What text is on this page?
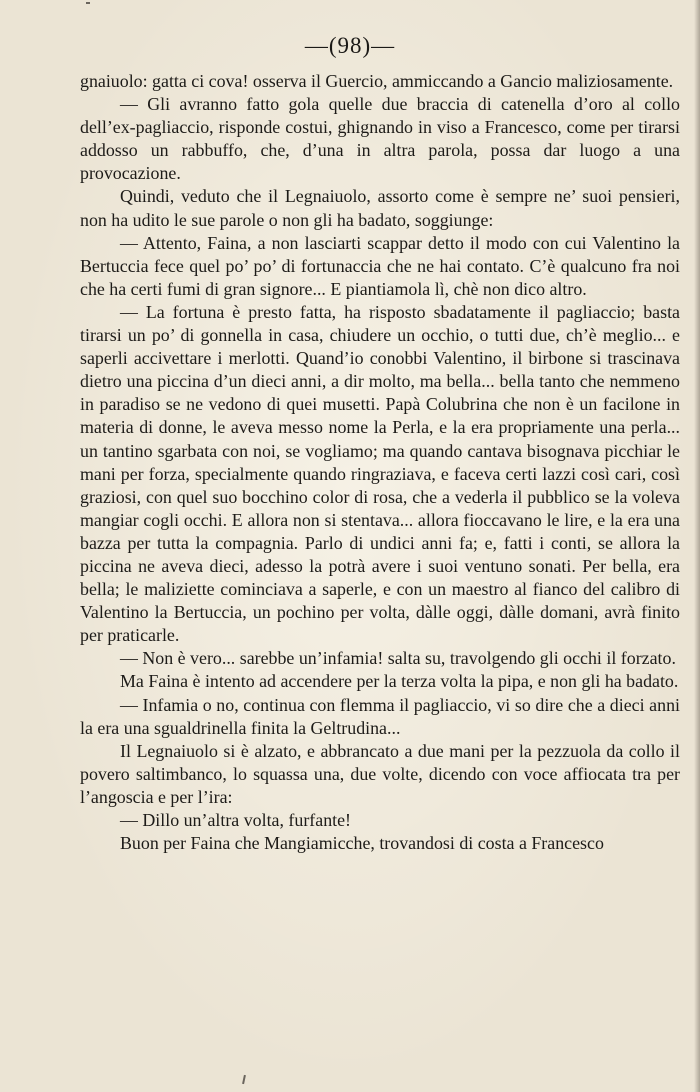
—(98)—

gnaiuolo: gatta ci cova! osserva il Guercio, ammiccando a Gancio maliziosamente.

— Gli avranno fatto gola quelle due braccia di catenella d’oro al collo dell’ex-pagliaccio, risponde costui, ghignando in viso a Francesco, come per tirarsi addosso un rabbuffo, che, d’una in altra parola, possa dar luogo a una provocazione.

Quindi, veduto che il Legnaiuolo, assorto come è sempre ne’ suoi pensieri, non ha udito le sue parole o non gli ha badato, soggiunge:

— Attento, Faina, a non lasciarti scappar detto il modo con cui Valentino la Bertuccia fece quel po’ po’ di fortunaccia che ne hai contato. C’è qualcuno fra noi che ha certi fumi di gran signore... E piantiamola lì, chè non dico altro.

— La fortuna è presto fatta, ha risposto sbadatamente il pagliaccio; basta tirarsi un po’ di gonnella in casa, chiudere un occhio, o tutti due, ch’è meglio... e saperli accivettare i merlotti. Quand’io conobbi Valentino, il birbone si trascinava dietro una piccina d’un dieci anni, a dir molto, ma bella... bella tanto che nemmeno in paradiso se ne vedono di quei musetti. Papà Colubrina che non è un facilone in materia di donne, le aveva messo nome la Perla, e la era propriamente una perla... un tantino sgarbata con noi, se vogliamo; ma quando cantava bisognava picchiar le mani per forza, specialmente quando ringraziava, e faceva certi lazzi così cari, così graziosi, con quel suo bocchino color di rosa, che a vederla il pubblico se la voleva mangiar cogli occhi. E allora non si stentava... allora fioccavano le lire, e la era una bazza per tutta la compagnia. Parlo di undici anni fa; e, fatti i conti, se allora la piccina ne aveva dieci, adesso la potrà avere i suoi ventuno sonati. Per bella, era bella; le maliziette cominciava a saperle, e con un maestro al fianco del calibro di Valentino la Bertuccia, un pochino per volta, dàlle oggi, dàlle domani, avrà finito per praticarle.

— Non è vero... sarebbe un’infamia! salta su, travolgendo gli occhi il forzato.

Ma Faina è intento ad accendere per la terza volta la pipa, e non gli ha badato.

— Infamia o no, continua con flemma il pagliaccio, vi so dire che a dieci anni la era una sgualdrinella finita la Geltrudina...

Il Legnaiuolo si è alzato, e abbrancato a due mani per la pezzuola da collo il povero saltimbanco, lo squassa una, due volte, dicendo con voce affiocata tra per l’angoscia e per l’ira:

— Dillo un’altra volta, furfante!

Buon per Faina che Mangiamicche, trovandosi di costa a Francesco
